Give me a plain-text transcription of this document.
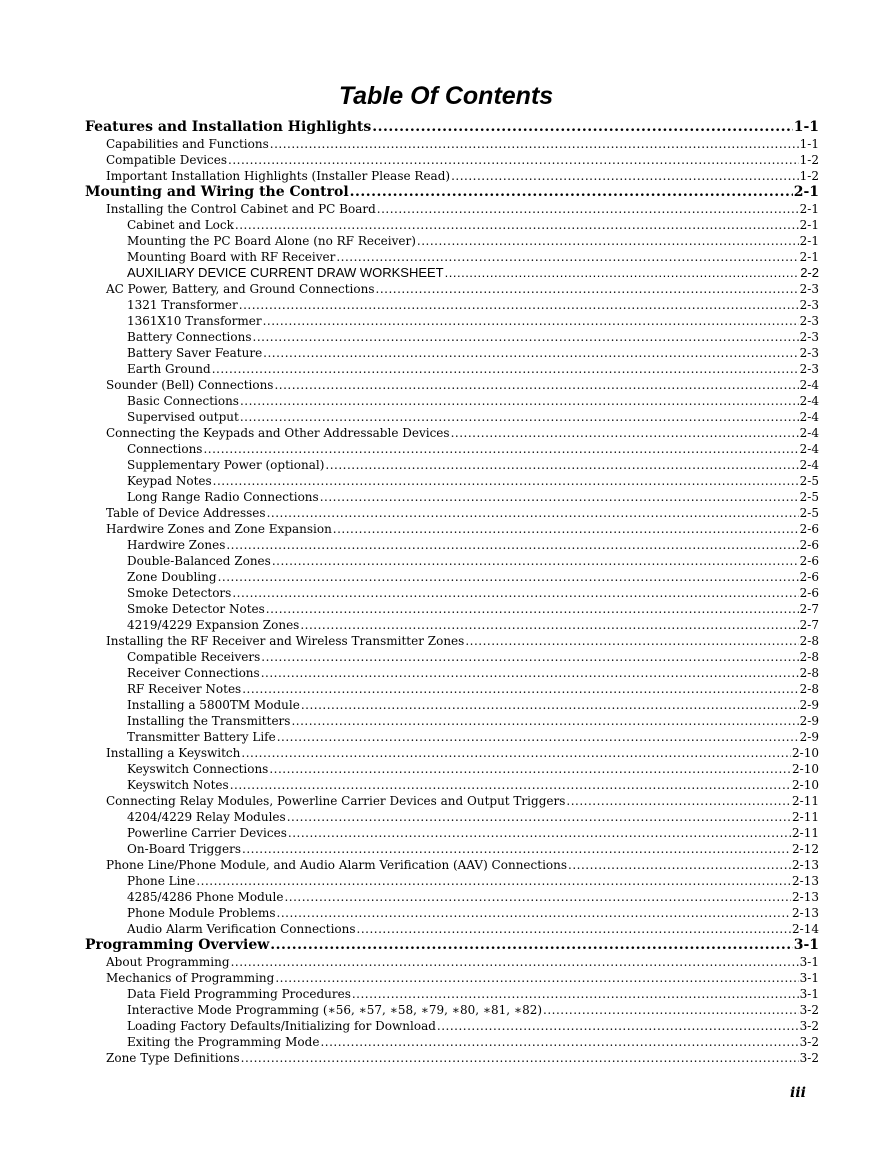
Table Of Contents
Features and Installation Highlights .....	1-1
Capabilities and Functions .....	1-1
Compatible Devices .....	1-2
Important Installation Highlights (Installer Please Read) .....	1-2
Mounting and Wiring the Control .....	2-1
Installing the Control Cabinet and PC Board .....	2-1
Cabinet and Lock .....	2-1
Mounting the PC Board Alone (no RF Receiver) .....	2-1
Mounting Board with RF Receiver .....	2-1
AUXILIARY DEVICE CURRENT DRAW WORKSHEET .....	2-2
AC Power, Battery, and Ground Connections .....	2-3
1321 Transformer .....	2-3
1361X10 Transformer .....	2-3
Battery Connections .....	2-3
Battery Saver Feature .....	2-3
Earth Ground .....	2-3
Sounder (Bell) Connections .....	2-4
Basic Connections .....	2-4
Supervised output .....	2-4
Connecting the Keypads and Other Addressable Devices .....	2-4
Connections .....	2-4
Supplementary Power (optional) .....	2-4
Keypad Notes .....	2-5
Long Range Radio Connections .....	2-5
Table of Device Addresses .....	2-5
Hardwire Zones and Zone Expansion .....	2-6
Hardwire Zones .....	2-6
Double-Balanced Zones .....	2-6
Zone Doubling .....	2-6
Smoke Detectors .....	2-6
Smoke Detector Notes .....	2-7
4219/4229 Expansion Zones .....	2-7
Installing the RF Receiver and Wireless Transmitter Zones .....	2-8
Compatible Receivers .....	2-8
Receiver Connections .....	2-8
RF Receiver Notes .....	2-8
Installing a 5800TM Module .....	2-9
Installing the Transmitters .....	2-9
Transmitter Battery Life .....	2-9
Installing a Keyswitch .....	2-10
Keyswitch Connections .....	2-10
Keyswitch Notes .....	2-10
Connecting Relay Modules, Powerline Carrier Devices and Output Triggers .....	2-11
4204/4229 Relay Modules .....	2-11
Powerline Carrier Devices .....	2-11
On-Board Triggers .....	2-12
Phone Line/Phone Module, and Audio Alarm Verification (AAV) Connections .....	2-13
Phone Line .....	2-13
4285/4286 Phone Module .....	2-13
Phone Module Problems .....	2-13
Audio Alarm Verification Connections .....	2-14
Programming Overview .....	3-1
About Programming .....	3-1
Mechanics of Programming .....	3-1
Data Field Programming Procedures .....	3-1
Interactive Mode Programming (∗56, ∗57, ∗58, ∗79, ∗80, ∗81, ∗82) .....	3-2
Loading Factory Defaults/Initializing for Download .....	3-2
Exiting the Programming Mode .....	3-2
Zone Type Definitions .....	3-2

iii
